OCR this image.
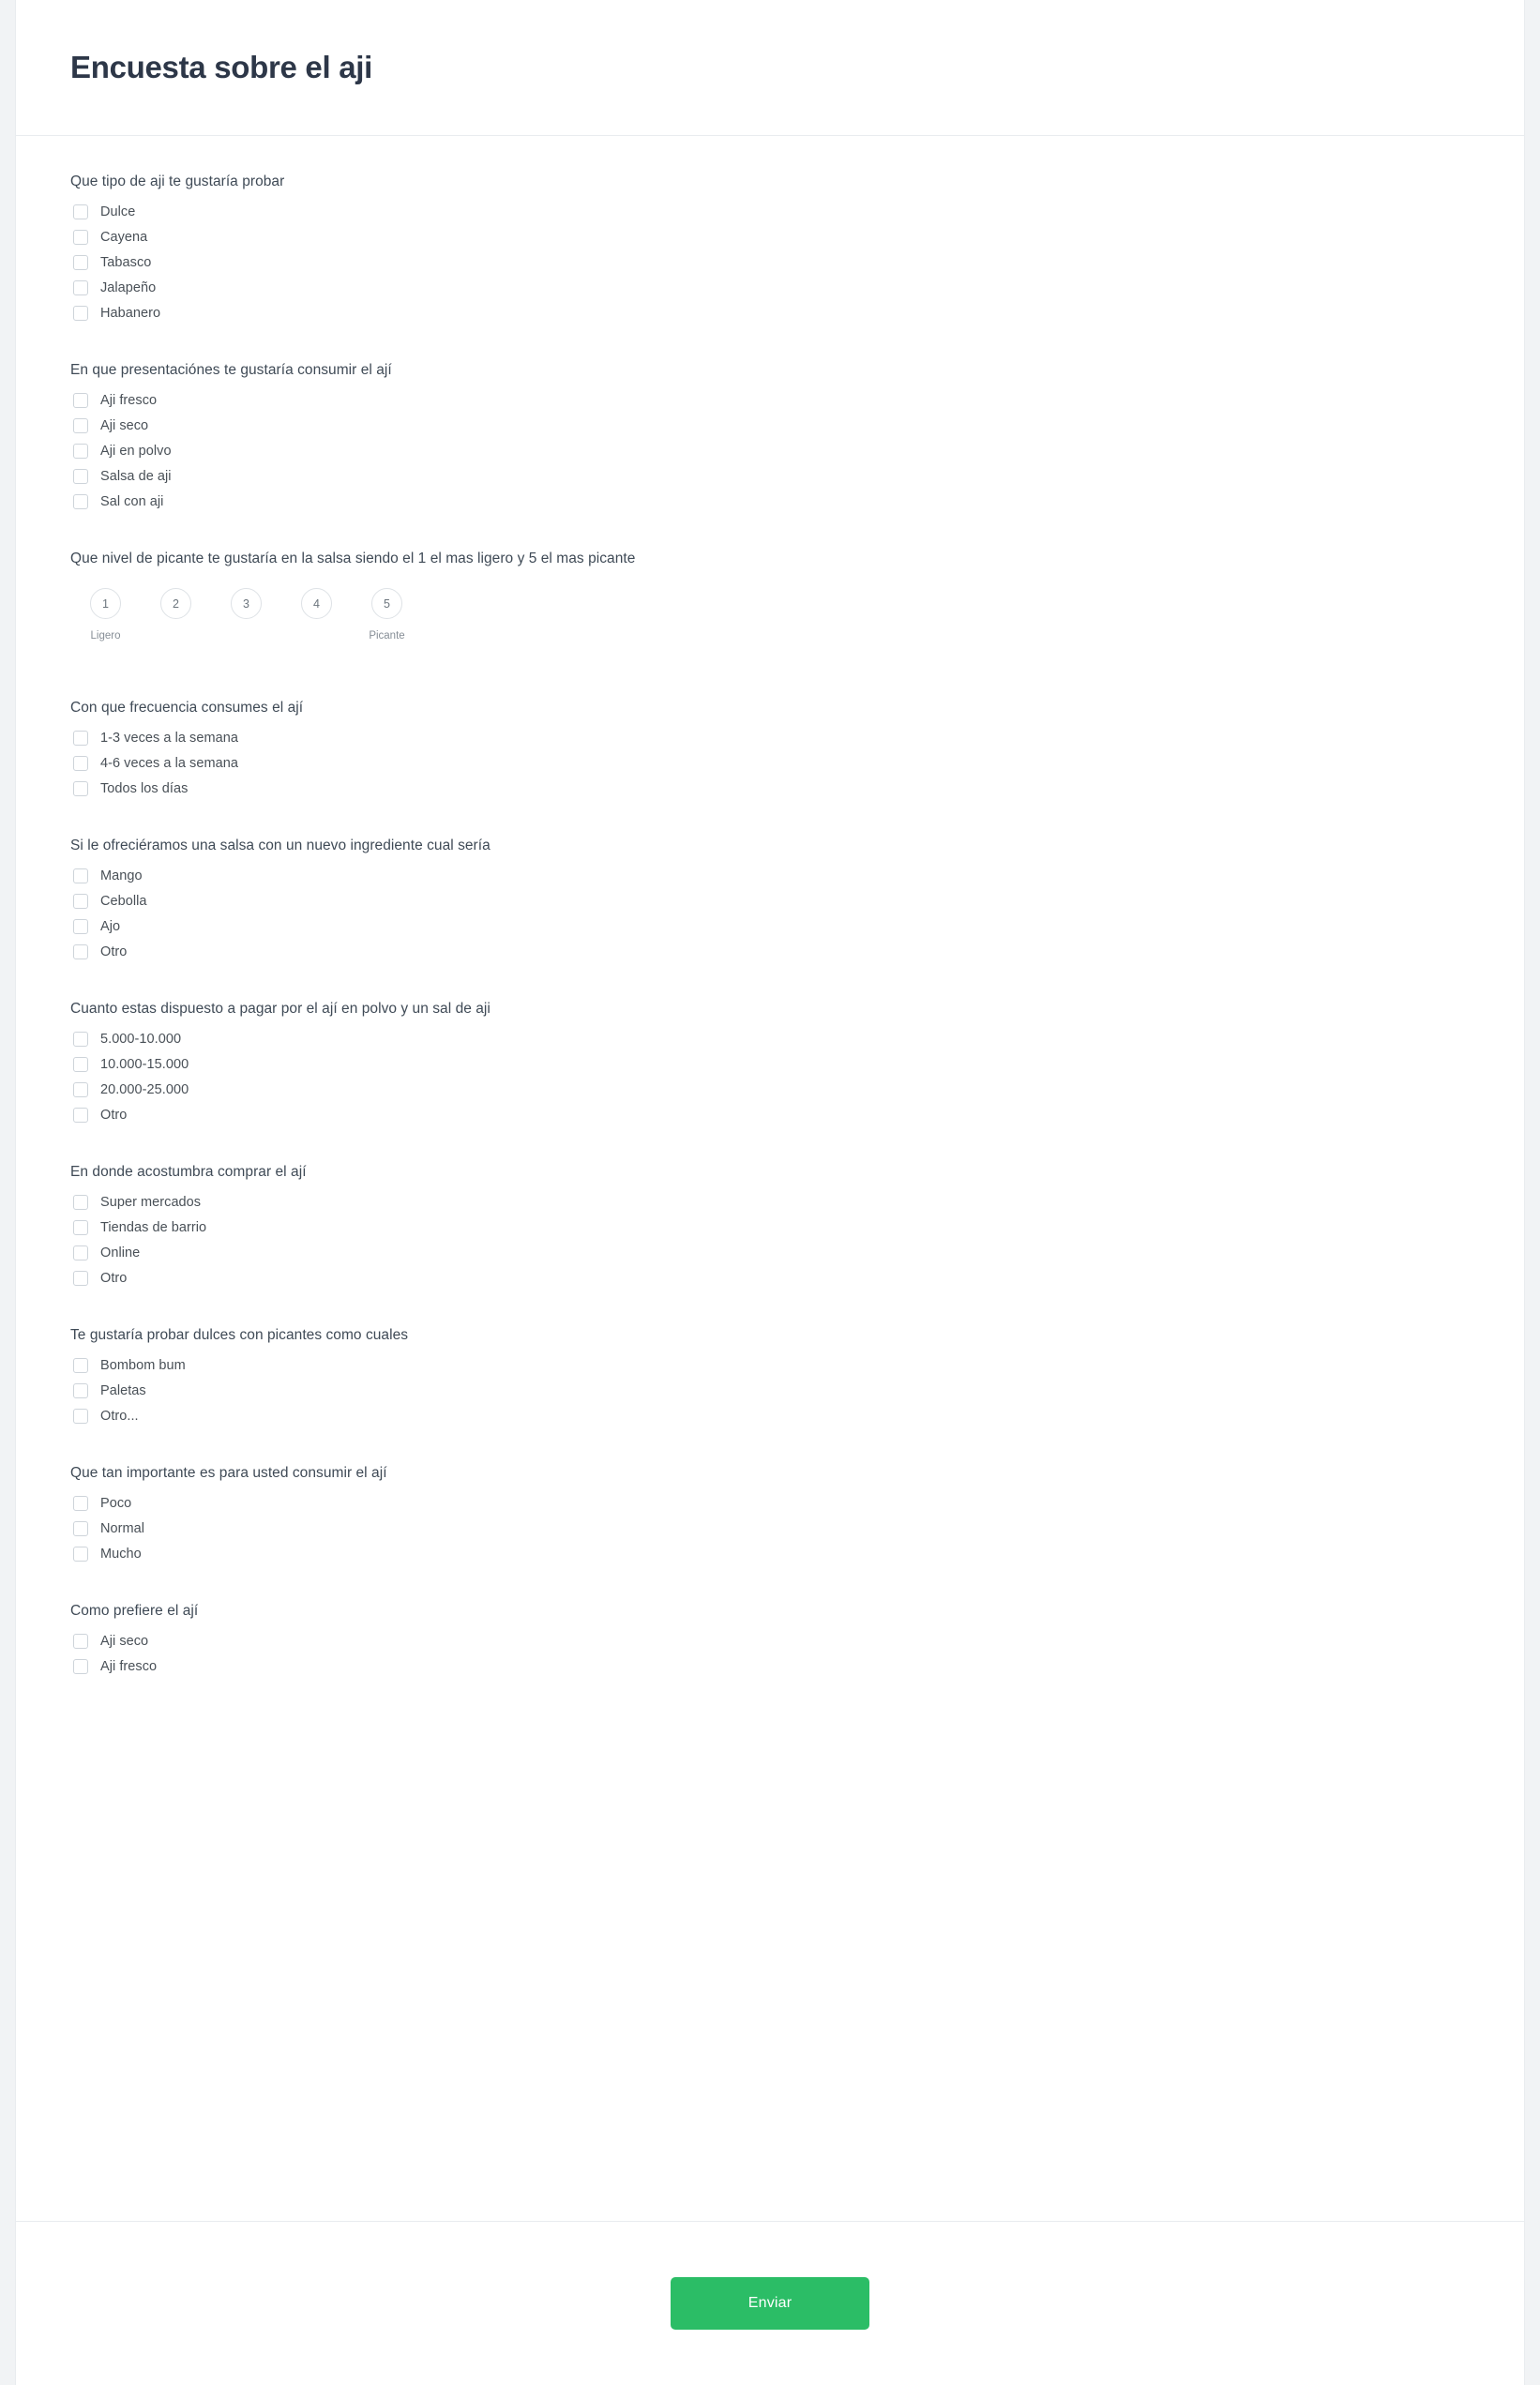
Encuesta sobre el aji
Que tipo de aji te gustaría probar
Dulce
Cayena
Tabasco
Jalapeño
Habanero
En que presentaciónes te gustaría consumir el ají
Aji fresco
Aji seco
Aji en polvo
Salsa de aji
Sal con aji
Que nivel de picante te gustaría en la salsa siendo el 1 el mas ligero y 5 el mas picante
1
Ligero
2	3	4	5
Picante
Con que frecuencia consumes el ají
1-3 veces a la semana
4-6 veces a la semana
Todos los días
Si le ofreciéramos una salsa con un nuevo ingrediente cual sería
Mango
Cebolla
Ajo
Otro
Cuanto estas dispuesto a pagar por el ají en polvo y un sal de aji
5.000-10.000
10.000-15.000
20.000-25.000
Otro
En donde acostumbra comprar el ají
Super mercados
Tiendas de barrio
Online
Otro
Te gustaría probar dulces con picantes como cuales
Bombom bum
Paletas
Otro...
Que tan importante es para usted consumir el ají
Poco
Normal
Mucho
Como prefiere el ají
Aji seco
Aji fresco
Enviar
